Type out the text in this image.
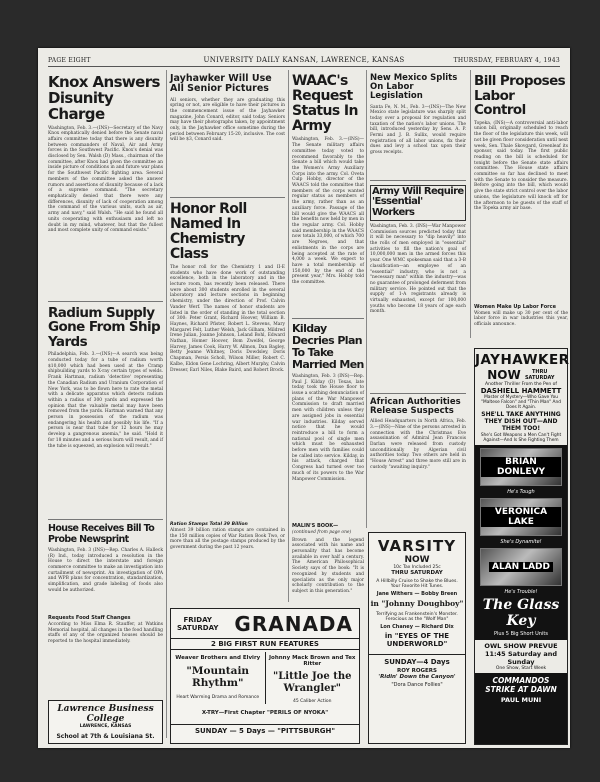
PAGE EIGHT	UNIVERSITY DAILY KANSAN, LAWRENCE, KANSAS	THURSDAY, FEBRUARY 4, 1943
Knox Answers Disunity Charge
Washington, Feb. 3.—(INS)—Secretary of the Navy Knox emphatically denied before the Senate naval affairs committee today that there is any disunity between commanders of Naval, Air and Army forces in the Southwest Pacific. Knox's denial was disclosed by Sen. Walsh (D) Mass., chairman of the committee, after Knox had given the committee an inside picture of conditions in and future war plans for the Southwest Pacific fighting area. Several members of the committee asked the answer rumors and assertions of disunity because of a lack of a supreme command. "The secretary emphatically denied that there were any differences, disunity of lack of cooperation among the command of the various units, such as air, army and navy," said Walsh. "He said he found all units cooperating with enthusiasm and left no doubt in my mind, whatever, but that the fullest and most complete unity of command exists."
Radium Supply Gone From Ship Yards
Philadelphia, Feb. 3.—(INS)—A search was being conducted today for a tube of radium worth $10,000 which had been used at the Cramp shipbuilding yards to X-ray certain types of welds. Frank Hartman, radium 'detective' representing the Canadian Radium and Uranium Corporation of New York, was to be flown here to rate the metal with a delicate apparatus which detects radium within a radius of 300 yards and expressed the opinion that the valuable metal may have been removed from the yards. Hartman warned that any person in possession of the radium was endangering his health and possibly his life. "If a person is near that tube for 12 hours he may develop a gangrenous anemia," he said. "Hold it for 18 minutes and a serious burn will result, and if the tube is squeezed, an explosion will result."
House Receives Bill To Probe Newsprint
Washington, Feb. 3 (INS)—Rep. Charles A. Halleck (R) Ind., today introduced a resolution in the House to direct the interstate and foreign commerce committee to make an investigation into curtailment of newsprint. An investigation of OPA and WPB plans for concentration, standardization, simplification, and grade labeling of foods also would be authorized.
Requests Food Staff Changes
According to Miss Elma R. Stauffer, at Watkins Memorial hospital, all changes in the food handling staffs of any of the organized houses should be reported to the hospital immediately.
Jayhawker Will Use All Senior Pictures
All seniors, whether they are graduating this spring or not, are eligible to have their pictures in the commencement issue of the Jayhawker magazine, John Conard, editor, said today. Seniors may have their photographs taken, by appointment only, in the Jayhawker office sometime during the period between February 15-20, inclusive. The cost will be $3, Conard said.
Honor Roll Named In Chemistry Class
The honor roll for the Chemistry 1 and II-E students who have done work of outstanding excellence, both in the laboratory and in the lecture room, has recently been released. There were about 300 students enrolled in the several laboratory and lecture sections in beginning chemistry, under the direction of Prof. Calvin Vander Werf. The names of honor students are listed in the order of standing in the total section of 300: Peter Grant, Richard Hoover, William B. Haynes, Richard Pfister, Robert L. Stevens, Mary Margaret Felt, Luther Welsh, Jack Gilham, Mildred Irene Julian, Joanne Johnson, Leland Bohl, Edward Nathan, Homer Hoover, Bom Zweifel, George Harvey, James Cook, Harry W. Allmon, Dan Bagley, Betty Jeanne Whitney, Doris Dowdsley, Doris Chapman, Persis Scholl, Wilson Miller, Robert C. Kalbe, Eldon Gene Lochring, Albert Murphy, Calvin Dresser, Earl Niles, Blake Baird, and Robert Brock.
Ration Stamps Total 39 Billion
Almost 39 billion ration stamps are contained in the 150 million copies of War Ration Book Two, or more than all the postage stamps produced by the government during the past 12 years.
WAAC's Request Status In Army
Washington, Feb. 3.—(INS)—The Senate military affairs committee today voted to recommend favorably to the Senate a bill which would take the Women's Army Auxiliary Corps into the army. Col. Oveta Culp Hobby, director of the WAACS told the committee that members of the corps wanted regular status as members of the army, rather than as an auxiliary force. Passage of the bill would give the WAACS all the benefits now held by men in the regular army. Col. Hobby said membership in the WAACS now totals 33,000, of which 700 are Negroes, and that enlistments in the corps are being accepted at the rate of 4,000 a week. We expect to have a total membership of 150,000 by the end of the present year," Mrs. Hobby told the committee.
Kilday Decries Plan To Take Married Men
Washington, Feb. 3 (INS)—Rep. Paul J. Kilday (D) Texas, late today took the House floor to issue a scathing denunciation of plans of the War Manpower Commission to draft married men with children unless they are assigned jobs in essential war industries. Kilday served notice that he would reintroduce a bill to form a national pool of single men which must be exhausted before men with families could be called into service. Kilday, in his attack, charged that Congress had turned over too much of its powers to the War Manpower Commission.
MALIN'S BOOK—
(continued from page one)
Brown and the legend associated with his name and personality that has become available in over half a century. The American Philosophical Society says of the book: "It is recognized by students and specialists as the only major scholarly contribution to the subject in this generation."
New Mexico Splits On Labor Legislation
Santa Fe, N. M., Feb. 3—(INS)—The New Mexico state legislature was sharply split today over a proposal for regulation and taxation of the nation's labor unions. The bill, introduced yesterday by Sens. A. P. Fermi and J. B. Sullix, would require registration of all labor unions, fix their dues and levy a school tax upon their gross receipts.
Army Will Require 'Essential' Workers
Washington, Feb. 3. (INS)—War Manpower Commission sources predicted today that it will be necessary to "dip heavily" into the rolls of men employed in "essential" activities to fill the nation's goal of 10,000,000 men in the armed forces this year. One WMC spokesman said that a 3-B classification—an employee of an "essential" industry, who is not a "necessary man" within the industry—was no guarantee of prolonged deferment from military service. He pointed out that the supply of 1-A registrants already is virtually exhausted, except for 100,000 youths who become 18 years of age each month.
African Authorities Release Suspects
Allied Headquarters in North Africa, Feb. 3.—(INS)—Nine of the persons arrested in connection with the Christmas Eve assassination of Admiral Jean Francois Darlan were released from custody unconditionally by Algerian civil authorities today. Two others are held in "House Arrest" and three more still are in custody "awaiting inquiry."
Bill Proposes Labor Control
Topeka, (INS)—A controversial anti-labor union bill, originally scheduled to reach the floor of the legislature this week, will not be given floor consideration until next week, Sen. Thale Skovgard, Greenleaf its sponsor, said today. The first public reading on the bill is scheduled for tonight before the Senate state affairs committee. The House state affairs committee so far has declined to meet with the Senate to consider the measure. Before going into the bill, which would give the state strict control over the labor unions, the legislature will knock off for the afternoon to be guests of the staff of the Topeka army air base.
Women Make Up Labor Force
Women will make up 30 per cent of the labor force in war industries this year, officials announce.
FRIDAY
SATURDAY GRANADA
2 BIG FIRST RUN FEATURES
Weaver Brothers and Elviry
"Mountain Rhythm"
Heart Warming Drama and Romance
Johnny Mack Brown and Tex Ritter
"Little Joe the Wrangler"
45 Caliber Action
X-TRY—First Chapter "PERILS OF NYOKA"
SUNDAY — 5 Days — "PITTSBURGH"
VARSITY
NOW
10c Tax Included 25c
THRU SATURDAY
A Hillbilly Cruise to Shake the Blues. Your Favorite Hit Tunes.
Jane Withers — Bobby Breen
in "Johnny Doughboy"
Terrifying as Frankenstein's Monster. Ferocious as the "Wolf Man"
Lon Chaney — Richard Dix
in "EYES OF THE UNDERWORLD"
SUNDAY—4 Days
ROY ROGERS
'Ridin' Down the Canyon'
"Dora Dance Follies"
JAYHAWKER
NOW	THRU SATURDAY
Another Thriller From the Pen of
DASHIELL HAMMETT
Master of Mystery—Who Gave You "Maltese Falcon" and "Thin Man" And Does It Again.
SHE'LL TAKE ANYTHING THEY DISH OUT—AND THEM TOO!
She's Got Weapons a Men Can't Fight Against—And Is She Fighting Them
BRIAN DONLEVY
He's Tough
VERONICA LAKE
She's Dynamite!
ALAN LADD
He's Trouble!
The Glass Key
Plus 5 Big Short Units
OWL SHOW PREVUE 11:45 Saturday and Sunday
One Show, Start Week
COMMANDOS STRIKE AT DAWN
PAUL MUNI
Lawrence Business College
LAWRENCE, KANSAS
School at 7th & Louisiana St.
